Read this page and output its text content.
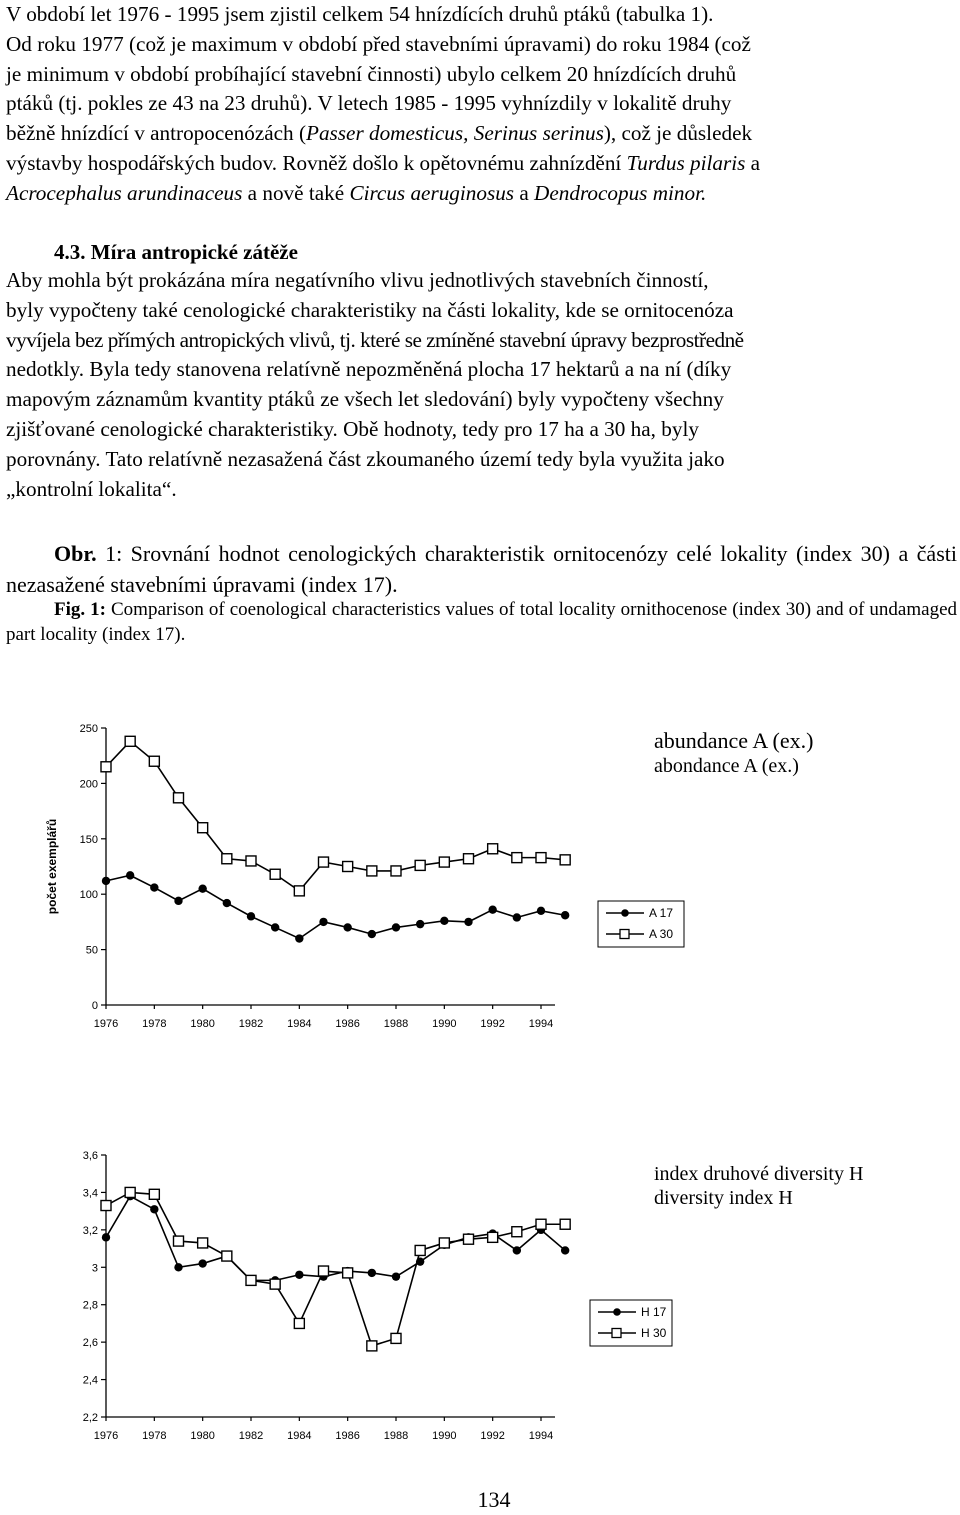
V období let 1976 - 1995 jsem zjistil celkem 54 hnízdících druhů ptáků (tabulka 1).

Od roku 1977 (což je maximum v období před stavebními úpravami) do roku 1984 (což

je minimum v období probíhající stavební činnosti) ubylo celkem 20 hnízdících druhů

ptáků (tj. pokles ze 43 na 23 druhů). V letech 1985 - 1995 vyhnízdily v lokalitě druhy

běžně hnízdící v antropocenózách (Passer domesticus, Serinus serinus), což je důsledek

výstavby hospodářských budov. Rovněž došlo k opětovnému zahnízdění Turdus pilaris a

Acrocephalus arundinaceus a nově také Circus aeruginosus a Dendrocopus minor.

4.3. Míra antropické zátěže

Aby mohla být prokázána míra negatívního vlivu jednotlivých stavebních činností,

byly vypočteny také cenologické charakteristiky na části lokality, kde se ornitocenóza

vyvíjela bez přímých antropických vlivů, tj. které se zmíněné stavební úpravy bezprostředně

nedotkly. Byla tedy stanovena relatívně nepozměněná plocha 17 hektarů a na ní (díky

mapovým záznamům kvantity ptáků ze všech let sledování) byly vypočteny všechny

zjišťované cenologické charakteristiky. Obě hodnoty, tedy pro 17 ha a 30 ha, byly

porovnány. Tato relatívně nezasažená část zkoumaného území tedy byla využita jako

„kontrolní lokalita“.

Obr. 1: Srovnání hodnot cenologických charakteristik ornitocenózy celé lokality (index 30) a části nezasažené stavebními úpravami (index 17).
Fig. 1: Comparison of coenological characteristics values of total locality ornithocenose (index 30) and of undamaged part locality (index 17).
0
50
100
150
200
250
1976 1978 1980 1982 1984 1986 1988 1990 1992 1994
počet exemplářů	A 17
A 30
abundance A (ex.)
abondance A (ex.)
2,2
2,4
2,6
2,8
3
3,2
3,4
3,6
1976 1978 1980 1982 1984 1986 1988 1990 1992 1994
H 17
H 30
index druhové diversity H
diversity index H
134
